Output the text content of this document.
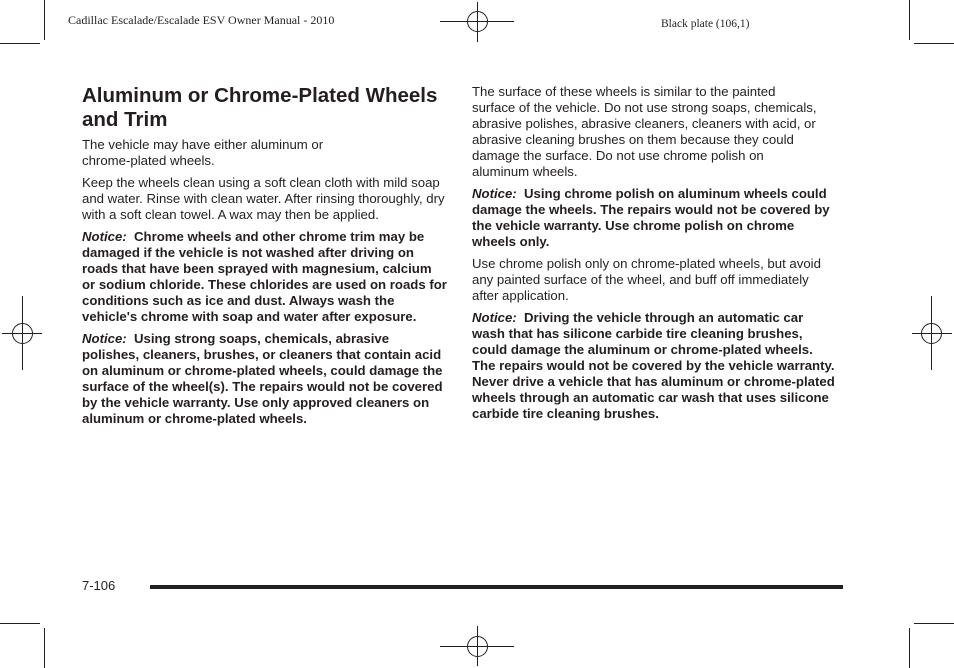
Cadillac Escalade/Escalade ESV Owner Manual - 2010	Black plate (106,1)
Aluminum or Chrome-Plated Wheels and Trim

The vehicle may have either aluminum or chrome-plated wheels.

Keep the wheels clean using a soft clean cloth with mild soap and water. Rinse with clean water. After rinsing thoroughly, dry with a soft clean towel. A wax may then be applied.

Notice: Chrome wheels and other chrome trim may be damaged if the vehicle is not washed after driving on roads that have been sprayed with magnesium, calcium or sodium chloride. These chlorides are used on roads for conditions such as ice and dust. Always wash the vehicle's chrome with soap and water after exposure.

Notice: Using strong soaps, chemicals, abrasive polishes, cleaners, brushes, or cleaners that contain acid on aluminum or chrome-plated wheels, could damage the surface of the wheel(s). The repairs would not be covered by the vehicle warranty. Use only approved cleaners on aluminum or chrome-plated wheels.

The surface of these wheels is similar to the painted surface of the vehicle. Do not use strong soaps, chemicals, abrasive polishes, abrasive cleaners, cleaners with acid, or abrasive cleaning brushes on them because they could damage the surface. Do not use chrome polish on aluminum wheels.

Notice: Using chrome polish on aluminum wheels could damage the wheels. The repairs would not be covered by the vehicle warranty. Use chrome polish on chrome wheels only.

Use chrome polish only on chrome-plated wheels, but avoid any painted surface of the wheel, and buff off immediately after application.

Notice: Driving the vehicle through an automatic car wash that has silicone carbide tire cleaning brushes, could damage the aluminum or chrome-plated wheels. The repairs would not be covered by the vehicle warranty. Never drive a vehicle that has aluminum or chrome-plated wheels through an automatic car wash that uses silicone carbide tire cleaning brushes.

7-106
